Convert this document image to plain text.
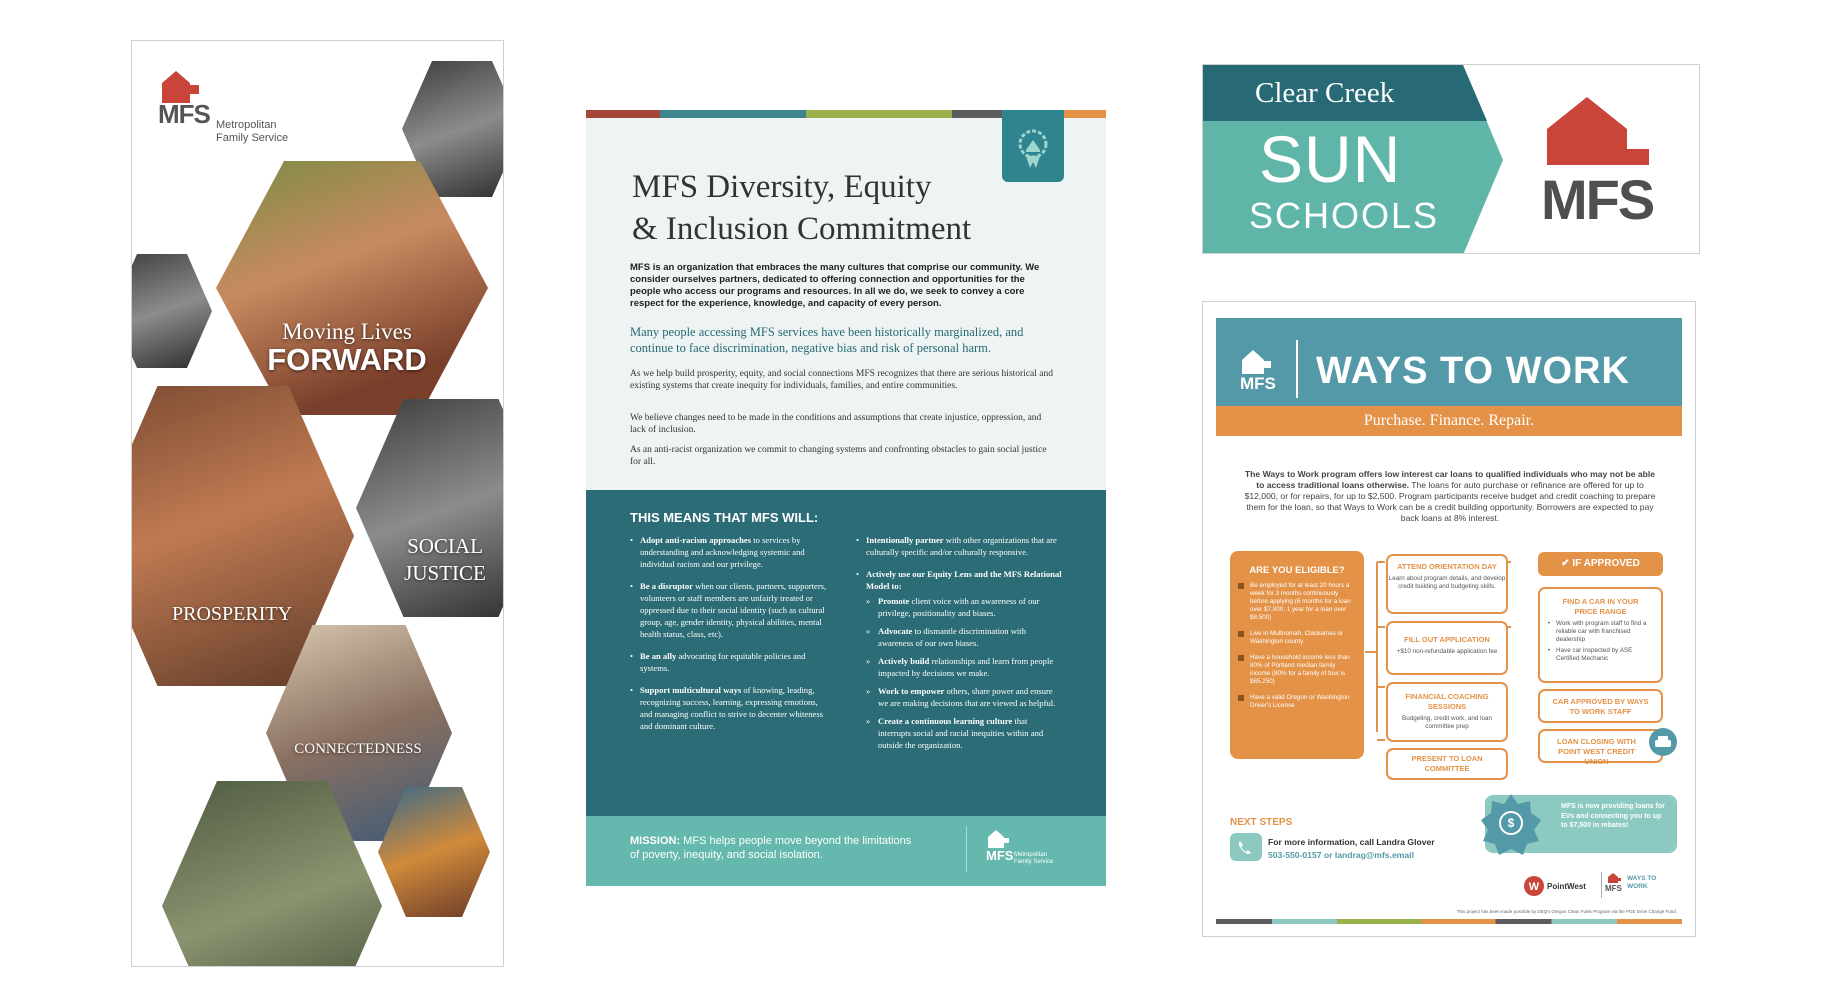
MFS Metropolitan
Family Service
Moving Lives
FORWARD
PROSPERITY
SOCIAL
JUSTICE
CONNECTEDNESS
MFS Diversity, Equity
& Inclusion Commitment

MFS is an organization that embraces the many cultures that comprise our community. We consider ourselves partners, dedicated to offering connection and opportunities for the people who access our programs and resources. In all we do, we seek to convey a core respect for the experience, knowledge, and capacity of every person.

Many people accessing MFS services have been historically marginalized, and continue to face discrimination, negative bias and risk of personal harm.

As we help build prosperity, equity, and social connections MFS recognizes that there are serious historical and existing systems that create inequity for individuals, families, and entire communities.

We believe changes need to be made in the conditions and assumptions that create injustice, oppression, and lack of inclusion.

As an anti-racist organization we commit to changing systems and confronting obstacles to gain social justice for all.

THIS MEANS THAT MFS WILL:
• Adopt anti-racism approaches to services by understanding and acknowledging systemic and individual racism and our privilege.
• Be a disruptor when our clients, partners, supporters, volunteers or staff members are unfairly treated or oppressed due to their social identity (such as cultural group, age, gender identity, physical abilities, mental health status, class, etc).
• Be an ally advocating for equitable policies and systems.
• Support multicultural ways of knowing, leading, recognizing success, learning, expressing emotions, and managing conflict to strive to decenter whiteness and dominant culture.
• Intentionally partner with other organizations that are culturally specific and/or culturally responsive.
• Actively use our Equity Lens and the MFS Relational Model to:
» Promote client voice with an awareness of our privilege, positionality and biases.
» Advocate to dismantle discrimination with awareness of our own biases.
» Actively build relationships and learn from people impacted by decisions we make.
» Work to empower others, share power and ensure we are making decisions that are viewed as helpful.
» Create a continuous learning culture that interrupts social and racial inequities within and outside the organization.
MISSION: MFS helps people move beyond the limitations of poverty, inequity, and social isolation.	MFS Metropolitan
Family Service
Clear Creek
SUN
SCHOOLS MFS
MFS WAYS TO WORK
Purchase. Finance. Repair.
The Ways to Work program offers low interest car loans to qualified individuals who may not be able to access traditional loans otherwise. The loans for auto purchase or refinance are offered for up to $12,000, or for repairs, for up to $2,500. Program participants receive budget and credit coaching to prepare them for the loan, so that Ways to Work can be a credit building opportunity. Borrowers are expected to pay back loans at 8% interest.
ARE YOU ELIGIBLE?
Be employed for at least 20 hours a week for 3 months continuously before applying (6 months for a loan over $7,000; 1 year for a loan over $8,500)
Live in Multnomah, Clackamas or Washington county
Have a household income less than 80% of Portland median family income (80% for a family of four is $65,250)
Have a valid Oregon or Washington Driver's License
ATTEND ORIENTATION DAY
Learn about program details, and develop credit building and budgeting skills.
FILL OUT APPLICATION
+$10 non-refundable application fee
FINANCIAL COACHING SESSIONS
Budgeting, credit work, and loan committee prep
PRESENT TO LOAN COMMITTEE
✔ IF APPROVED
FIND A CAR IN YOUR PRICE RANGE
• Work with program staff to find a reliable car with franchised dealership
• Have car inspected by ASE Certified Mechanic
CAR APPROVED BY WAYS TO WORK STAFF
LOAN CLOSING WITH POINT WEST CREDIT UNION
NEXT STEPS
For more information, call Landra Glover
503-550-0157 or landrag@mfs.email
$
MFS is now providing loans for EVs and connecting you to up to $7,500 in rebates!
W PointWest MFS
WAYS TO WORK
This project has been made possible by DEQ's Oregon Clean Fuels Program via the PGE Drive Change Fund.
